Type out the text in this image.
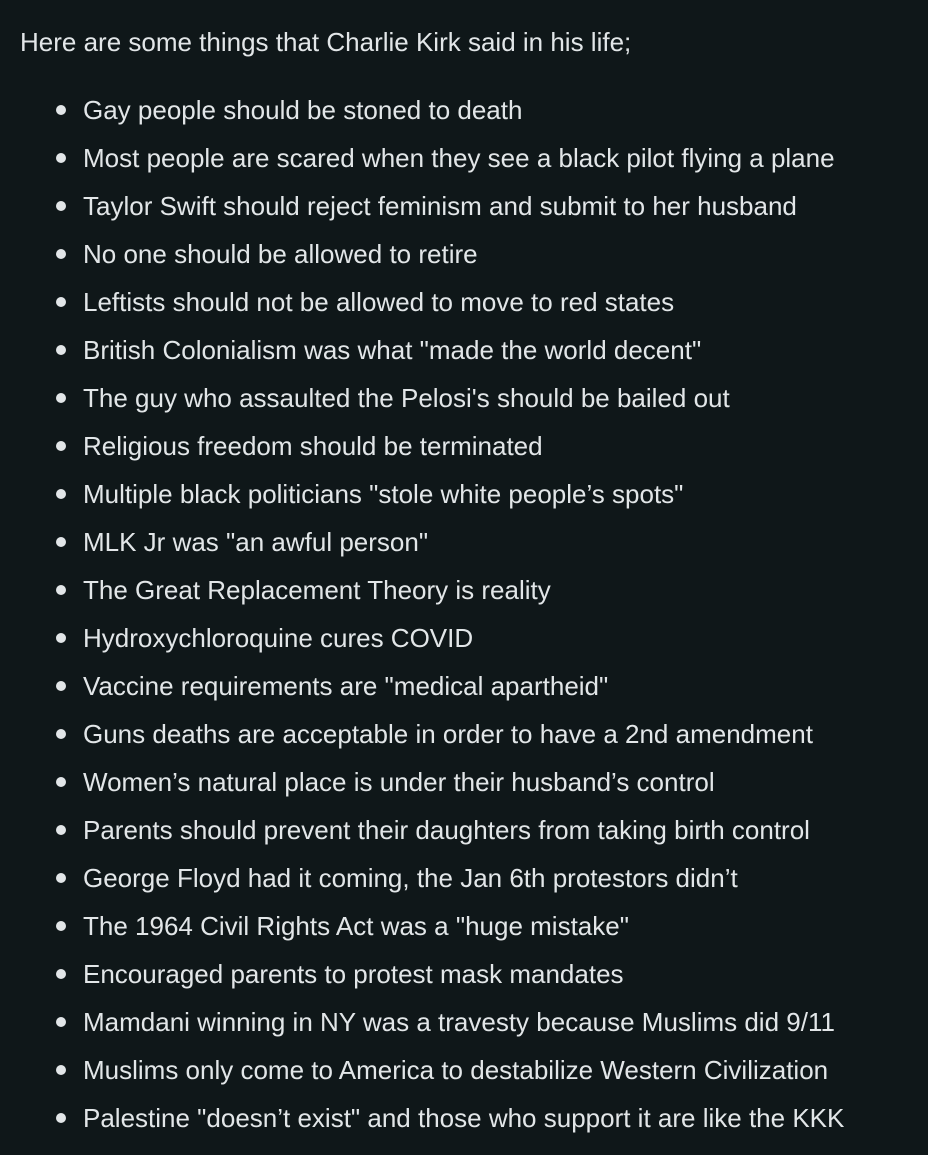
Here are some things that Charlie Kirk said in his life;

Gay people should be stoned to death
Most people are scared when they see a black pilot flying a plane
Taylor Swift should reject feminism and submit to her husband
No one should be allowed to retire
Leftists should not be allowed to move to red states
British Colonialism was what "made the world decent"
The guy who assaulted the Pelosi's should be bailed out
Religious freedom should be terminated
Multiple black politicians "stole white people’s spots"
MLK Jr was "an awful person"
The Great Replacement Theory is reality
Hydroxychloroquine cures COVID
Vaccine requirements are "medical apartheid"
Guns deaths are acceptable in order to have a 2nd amendment
Women’s natural place is under their husband’s control
Parents should prevent their daughters from taking birth control
George Floyd had it coming, the Jan 6th protestors didn’t
The 1964 Civil Rights Act was a "huge mistake"
Encouraged parents to protest mask mandates
Mamdani winning in NY was a travesty because Muslims did 9/11
Muslims only come to America to destabilize Western Civilization
Palestine "doesn’t exist" and those who support it are like the KKK
